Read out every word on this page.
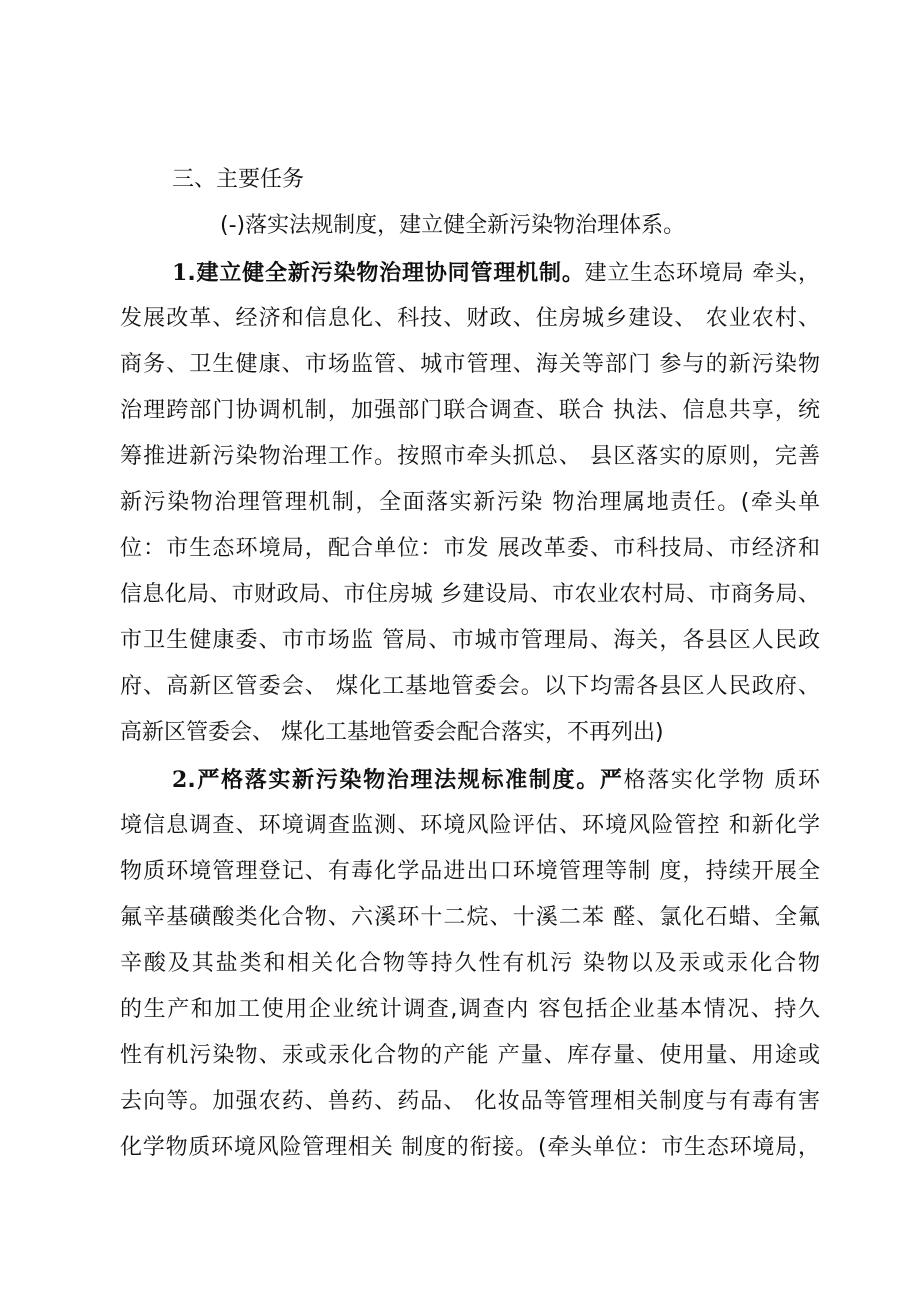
三、主要任务
(-)落实法规制度，建立健全新污染物治理体系。
1.建立健全新污染物治理协同管理机制。建立生态环境局 牵头，
发展改革、经济和信息化、科技、财政、住房城乡建设、 农业农村、
商务、卫生健康、市场监管、城市管理、海关等部门 参与的新污染物
治理跨部门协调机制，加强部门联合调查、联合 执法、信息共享，统
筹推进新污染物治理工作。按照市牵头抓总、 县区落实的原则，完善
新污染物治理管理机制，全面落实新污染 物治理属地责任。(牵头单
位：市生态环境局，配合单位：市发 展改革委、市科技局、市经济和
信息化局、市财政局、市住房城 乡建设局、市农业农村局、市商务局、
市卫生健康委、市市场监 管局、市城市管理局、海关，各县区人民政
府、高新区管委会、 煤化工基地管委会。以下均需各县区人民政府、
高新区管委会、 煤化工基地管委会配合落实，不再列出)
2.严格落实新污染物治理法规标准制度。严格落实化学物 质环
境信息调查、环境调查监测、环境风险评估、环境风险管控 和新化学
物质环境管理登记、有毒化学品进出口环境管理等制 度，持续开展全
氟辛基磺酸类化合物、六溪环十二烷、十溪二苯 醛、氯化石蜡、全氟
辛酸及其盐类和相关化合物等持久性有机污 染物以及汞或汞化合物
的生产和加工使用企业统计调查,调查内 容包括企业基本情况、持久
性有机污染物、汞或汞化合物的产能 产量、库存量、使用量、用途或
去向等。加强农药、兽药、药品、 化妆品等管理相关制度与有毒有害
化学物质环境风险管理相关 制度的衔接。(牵头单位：市生态环境局，
